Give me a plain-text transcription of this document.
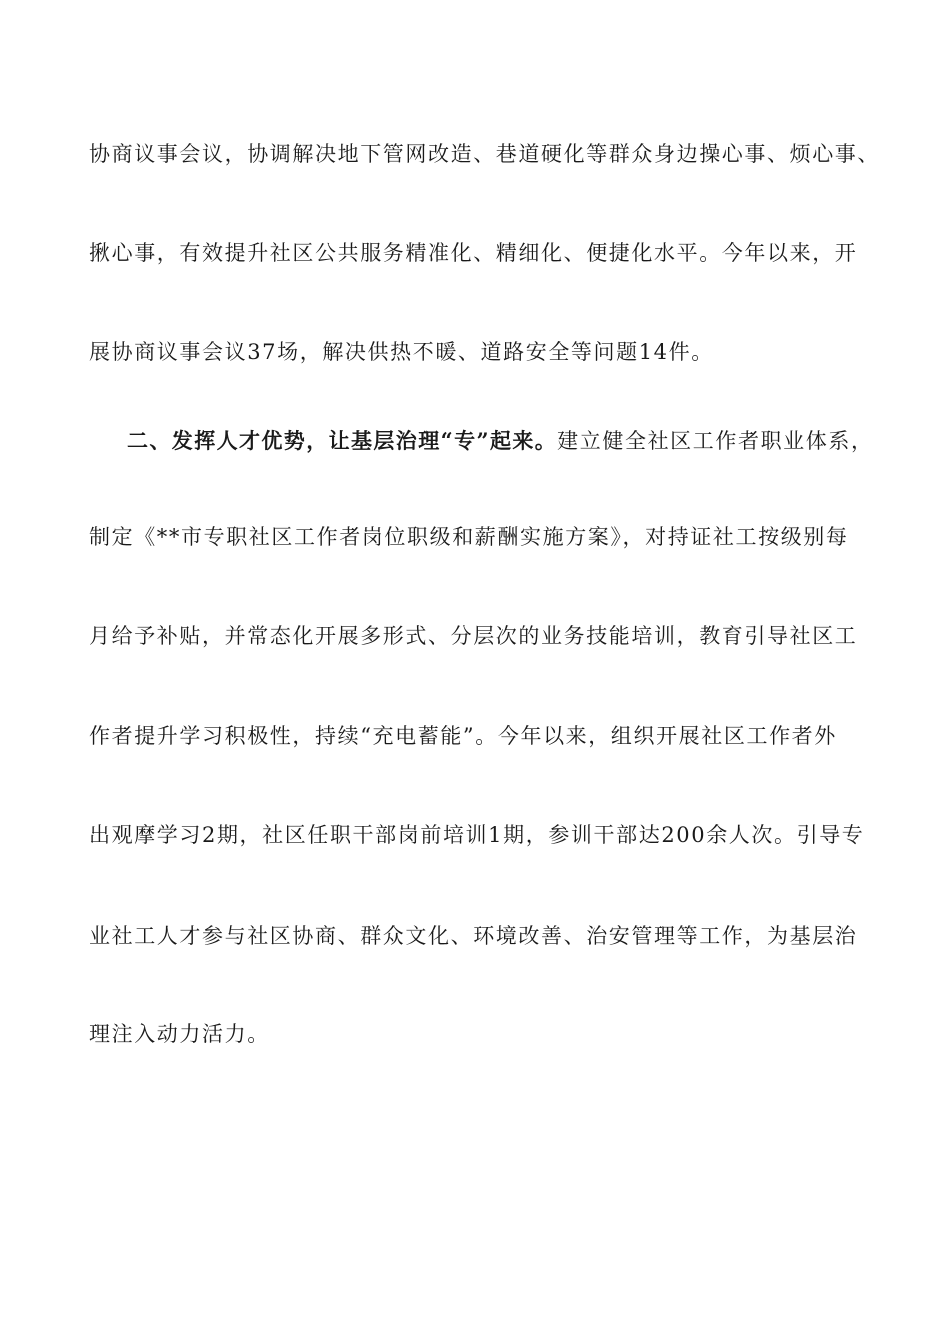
协商议事会议，协调解决地下管网改造、巷道硬化等群众身边操心事、烦心事、
揪心事，有效提升社区公共服务精准化、精细化、便捷化水平。今年以来，开
展协商议事会议37场，解决供热不暖、道路安全等问题14件。
二、发挥人才优势，让基层治理“专”起来。建立健全社区工作者职业体系，
制定《**市专职社区工作者岗位职级和薪酬实施方案》，对持证社工按级别每
月给予补贴，并常态化开展多形式、分层次的业务技能培训，教育引导社区工
作者提升学习积极性，持续“充电蓄能”。今年以来，组织开展社区工作者外
出观摩学习2期，社区任职干部岗前培训1期，参训干部达200余人次。引导专
业社工人才参与社区协商、群众文化、环境改善、治安管理等工作，为基层治
理注入动力活力。
